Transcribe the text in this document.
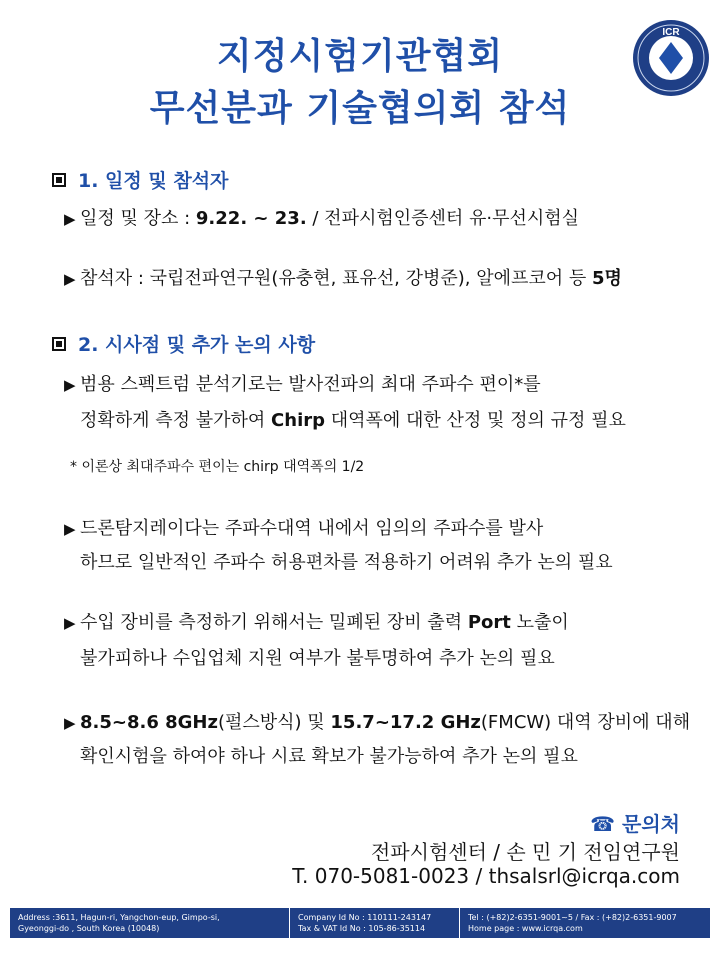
지정시험기관협회
무선분과 기술협의회 참석
ICR
1. 일정 및 참석자
▶ 일정 및 장소 : 9.22. ~ 23. / 전파시험인증센터 유·무선시험실
▶ 참석자 : 국립전파연구원(유충현, 표유선, 강병준), 알에프코어 등 5명
2. 시사점 및 추가 논의 사항
▶ 범용 스펙트럼 분석기로는 발사전파의 최대 주파수 편이*를
정확하게 측정 불가하여 Chirp 대역폭에 대한 산정 및 정의 규정 필요
* 이론상 최대주파수 편이는 chirp 대역폭의 1/2
▶ 드론탐지레이다는 주파수대역 내에서 임의의 주파수를 발사
하므로 일반적인 주파수 허용편차를 적용하기 어려워 추가 논의 필요
▶ 수입 장비를 측정하기 위해서는 밀폐된 장비 출력 Port 노출이
불가피하나 수입업체 지원 여부가 불투명하여 추가 논의 필요
▶ 8.5~8.6 8GHz(펄스방식) 및 15.7~17.2 GHz(FMCW) 대역 장비에 대해
확인시험을 하여야 하나 시료 확보가 불가능하여 추가 논의 필요
☎ 문의처
전파시험센터 / 손 민 기 전임연구원
T. 070-5081-0023 / thsalsrl@icrqa.com
Address :3611, Hagun-ri, Yangchon-eup, Gimpo-si,
Gyeonggi-do , South Korea (10048)
Company Id No : 110111-243147
Tax & VAT Id No : 105-86-35114
Tel : (+82)2-6351-9001~5 / Fax : (+82)2-6351-9007
Home page : www.icrqa.com
